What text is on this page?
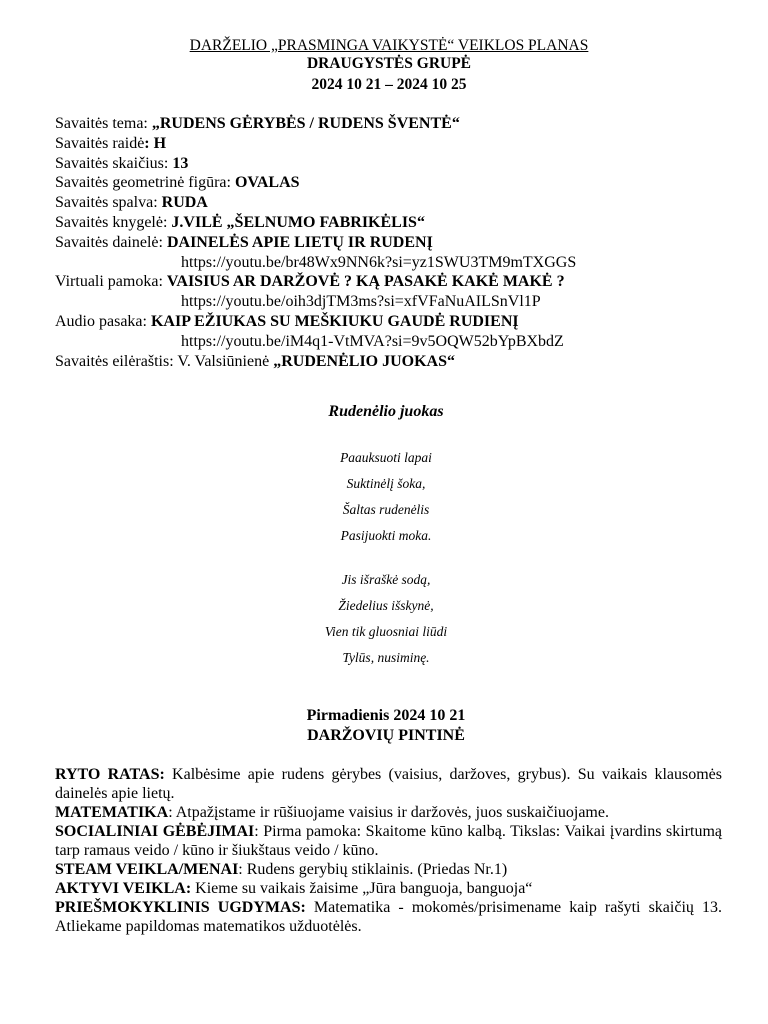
DARŽELIO „PRASMINGA VAIKYSTĖ“ VEIKLOS PLANAS
DRAUGYSTĖS GRUPĖ
2024 10 21 – 2024 10 25
Savaitės tema: „RUDENS GĖRYBĖS / RUDENS ŠVENTĖ“
Savaitės raidė: H
Savaitės skaičius: 13
Savaitės geometrinė figūra: OVALAS
Savaitės spalva: RUDA
Savaitės knygelė: J.VILĖ „ŠELNUMO FABRIKĖLIS“
Savaitės dainelė: DAINELĖS APIE LIETŲ IR RUDENĮ
https://youtu.be/br48Wx9NN6k?si=yz1SWU3TM9mTXGGS
Virtuali pamoka: VAISIUS AR DARŽOVĖ ? KĄ PASAKĖ KAKĖ MAKĖ ?
https://youtu.be/oih3djTM3ms?si=xfVFaNuAILSnVl1P
Audio pasaka: KAIP EŽIUKAS SU MEŠKIUKU GAUDĖ RUDIENĮ
https://youtu.be/iM4q1-VtMVA?si=9v5OQW52bYpBXbdZ
Savaitės eilėraštis: V. Valsiūnienė „RUDENĖLIO JUOKAS“
Rudenėlio juokas
Paauksuoti lapai
Suktinėlį šoka,
Šaltas rudenėlis
Pasijuokti moka.
Jis išraškė sodą,
Žiedelius išskynė,
Vien tik gluosniai liūdi
Tylūs, nusiminę.
Pirmadienis 2024 10 21
DARŽOVIŲ PINTINĖ

RYTO RATAS: Kalbėsime apie rudens gėrybes (vaisius, daržoves, grybus). Su vaikais klausomės dainelės apie lietų.

MATEMATIKA: Atpažįstame ir rūšiuojame vaisius ir daržovės, juos suskaičiuojame.

SOCIALINIAI GĖBĖJIMAI: Pirma pamoka: Skaitome kūno kalbą. Tikslas: Vaikai įvardins skirtumą tarp ramaus veido / kūno ir šiukštaus veido / kūno.

STEAM VEIKLA/MENAI: Rudens gerybių stiklainis. (Priedas Nr.1)

AKTYVI VEIKLA: Kieme su vaikais žaisime „Jūra banguoja, banguoja“

PRIEŠMOKYKLINIS UGDYMAS: Matematika - mokomės/prisimename kaip rašyti skaičių 13. Atliekame papildomas matematikos užduotėlės.
